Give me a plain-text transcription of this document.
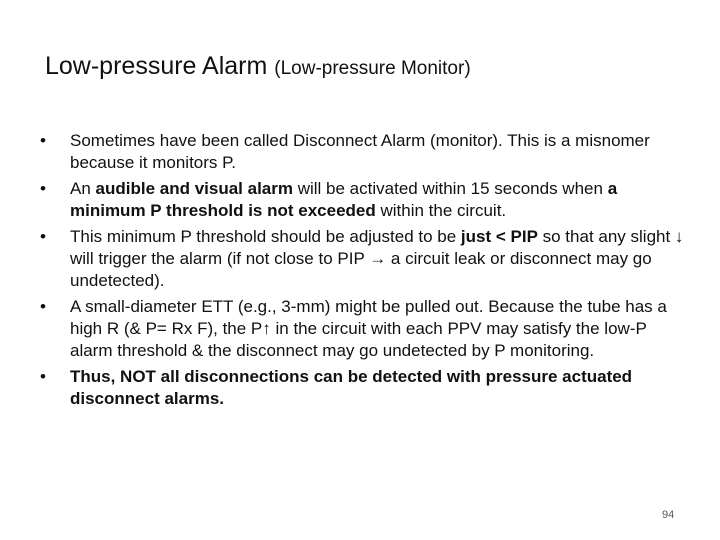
Low-pressure Alarm (Low-pressure Monitor)
• Sometimes have been called Disconnect Alarm (monitor). This is a misnomer because it monitors P.
• An audible and visual alarm will be activated within 15 seconds when a minimum P threshold is not exceeded within the circuit.
• This minimum P threshold should be adjusted to be just < PIP so that any slight ↓ will trigger the alarm (if not close to PIP → a circuit leak or disconnect may go undetected).
• A small-diameter ETT (e.g., 3-mm) might be pulled out. Because the tube has a high R (& P= Rx F), the P↑ in the circuit with each PPV may satisfy the low-P alarm threshold & the disconnect may go undetected by P monitoring.
• Thus, NOT all disconnections can be detected with pressure actuated disconnect alarms.
94
